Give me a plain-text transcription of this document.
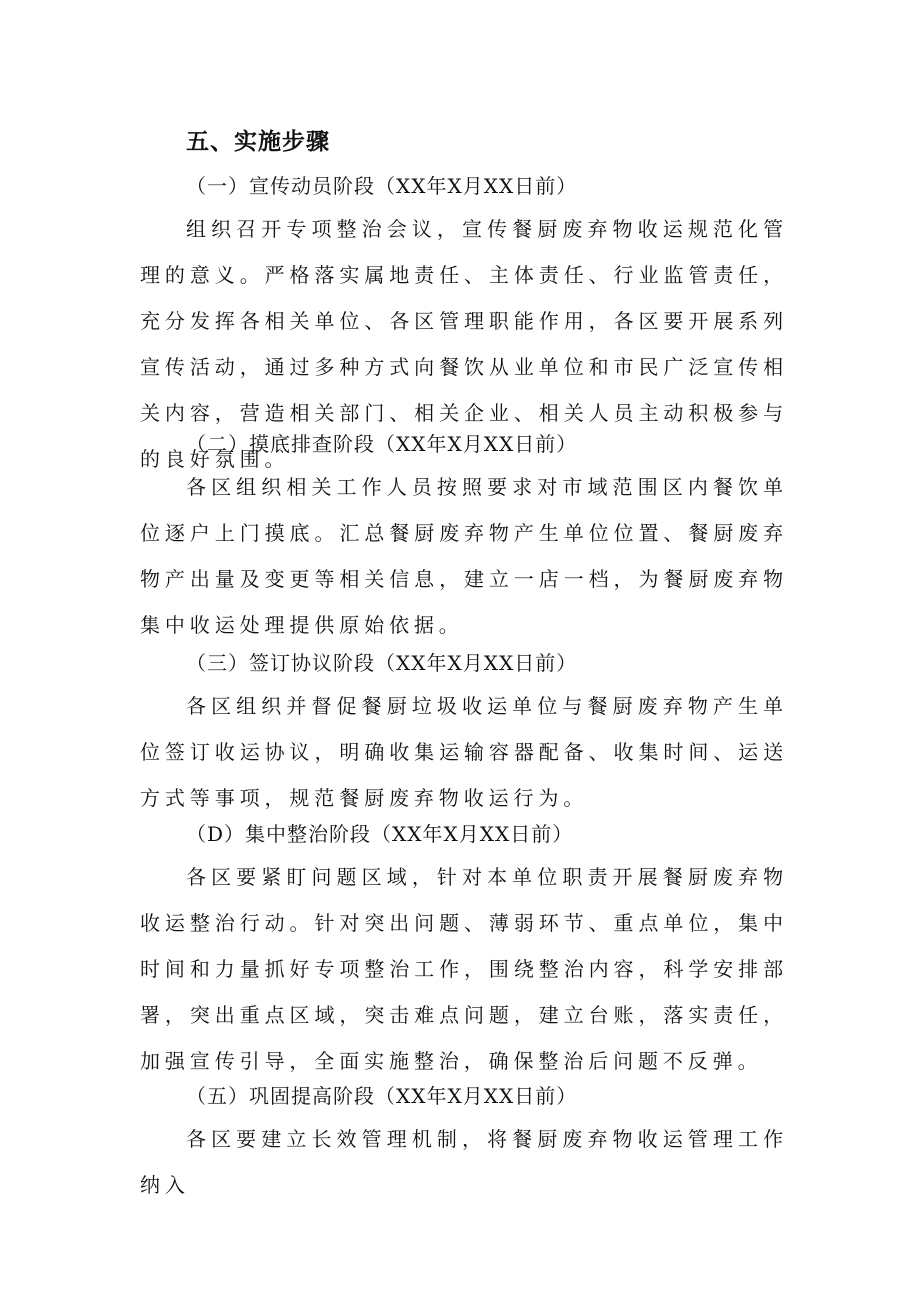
五、实施步骤
（一）宣传动员阶段（XX年X月XX日前）
组织召开专项整治会议，宣传餐厨废弃物收运规范化管理的意义。严格落实属地责任、主体责任、行业监管责任，充分发挥各相关单位、各区管理职能作用，各区要开展系列宣传活动，通过多种方式向餐饮从业单位和市民广泛宣传相关内容，营造相关部门、相关企业、相关人员主动积极参与的良好氛围。
（二）摸底排查阶段（XX年X月XX日前）
各区组织相关工作人员按照要求对市域范围区内餐饮单位逐户上门摸底。汇总餐厨废弃物产生单位位置、餐厨废弃物产出量及变更等相关信息，建立一店一档，为餐厨废弃物集中收运处理提供原始依据。
（三）签订协议阶段（XX年X月XX日前）
各区组织并督促餐厨垃圾收运单位与餐厨废弃物产生单位签订收运协议，明确收集运输容器配备、收集时间、运送方式等事项，规范餐厨废弃物收运行为。
（D）集中整治阶段（XX年X月XX日前）
各区要紧盯问题区域，针对本单位职责开展餐厨废弃物收运整治行动。针对突出问题、薄弱环节、重点单位，集中时间和力量抓好专项整治工作，围绕整治内容，科学安排部署，突出重点区域，突击难点问题，建立台账，落实责任，加强宣传引导，全面实施整治，确保整治后问题不反弹。
（五）巩固提高阶段（XX年X月XX日前）
各区要建立长效管理机制，将餐厨废弃物收运管理工作纳入
